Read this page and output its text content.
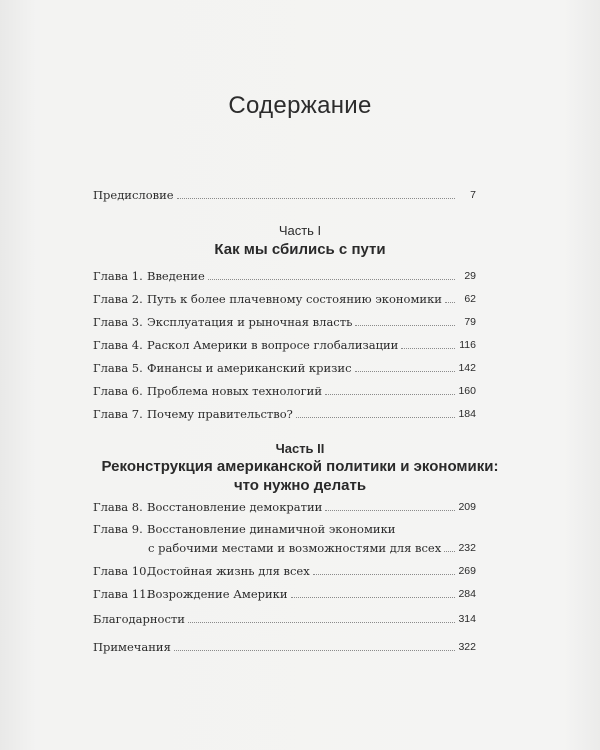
Содержание
Предисловие	7
Часть I
Как мы сбились с пути
Глава 1. Введение	29
Глава 2. Путь к более плачевному состоянию экономики	62
Глава 3. Эксплуатация и рыночная власть	79
Глава 4. Раскол Америки в вопросе глобализации	116
Глава 5. Финансы и американский кризис	142
Глава 6. Проблема новых технологий	160
Глава 7. Почему правительство?	184
Часть II
Реконструкция американской политики и экономики:
что нужно делать
Глава 8. Восстановление демократии	209
Глава 9. Восстановление динамичной экономики
с рабочими местами и возможностями для всех 232
Глава 10.Достойная жизнь для всех	269
Глава 11.Возрождение Америки	284
Благодарности	314
Примечания	322
